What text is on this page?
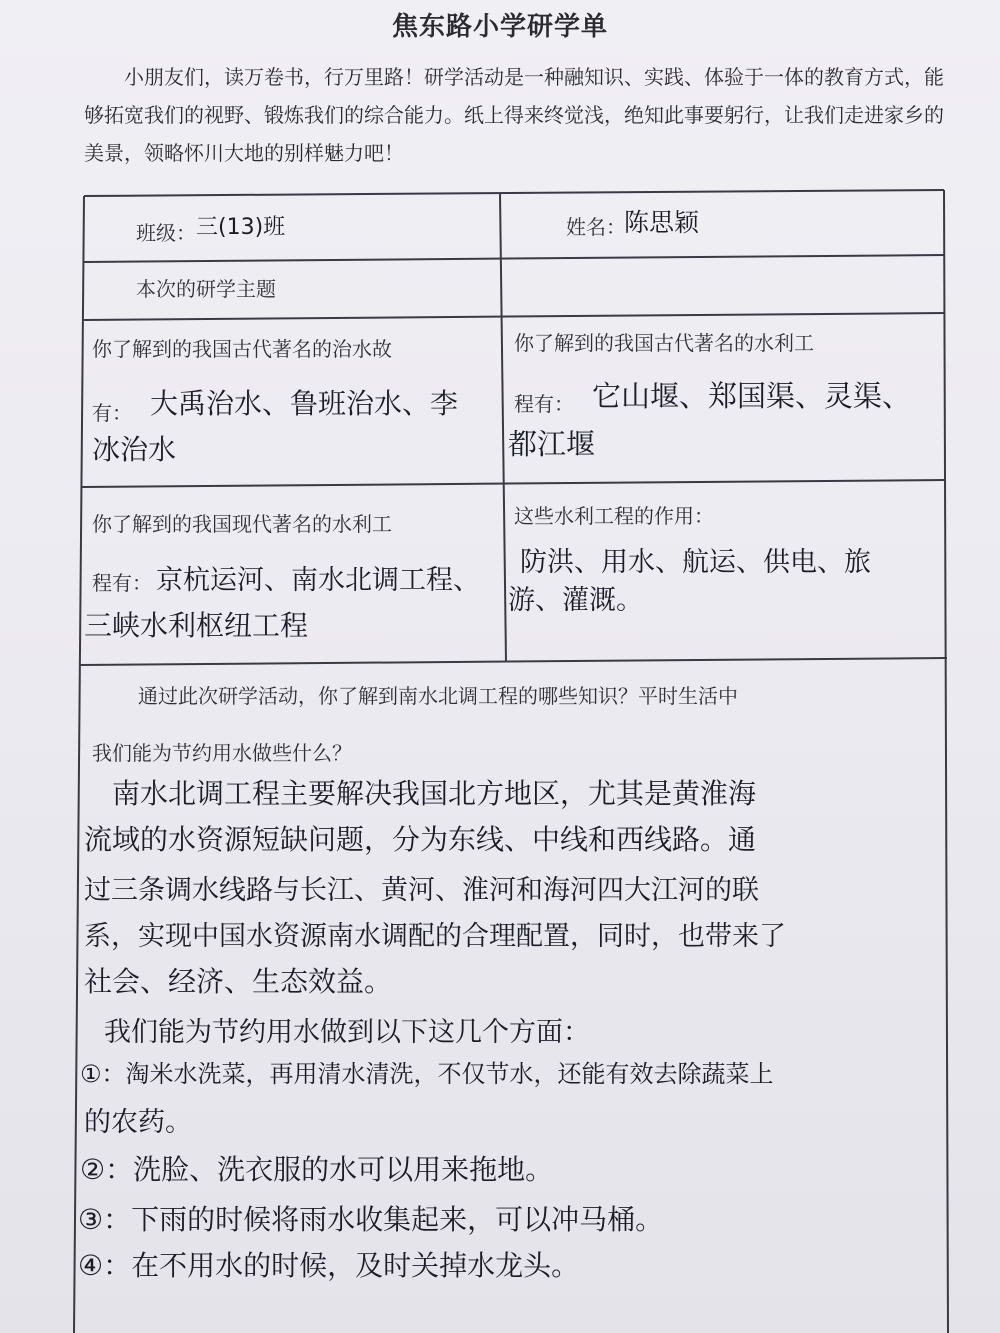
焦东路小学研学单

小朋友们，读万卷书，行万里路！研学活动是一种融知识、实践、体验于一体的教育方式，能够拓宽我们的视野、锻炼我们的综合能力。纸上得来终觉浅，绝知此事要躬行，让我们走进家乡的美景，领略怀川大地的别样魅力吧！

班级： 三(13)班	姓名：
陈思颖
本次的研学主题
你了解到的我国古代著名的治水故
有： 大禹治水、鲁班治水、李
冰治水
你了解到的我国古代著名的水利工
程有： 它山堰、郑国渠、灵渠、
都江堰
你了解到的我国现代著名的水利工
程有： 京杭运河、南水北调工程、
三峡水利枢纽工程
这些水利工程的作用：
防洪、用水、航运、供电、旅
游、灌溉。
通过此次研学活动，你了解到南水北调工程的哪些知识？平时生活中
我们能为节约用水做些什么？
南水北调工程主要解决我国北方地区，尤其是黄淮海
流域的水资源短缺问题，分为东线、中线和西线路。通
过三条调水线路与长江、黄河、淮河和海河四大江河的联
系，实现中国水资源南水调配的合理配置，同时，也带来了
社会、经济、生态效益。
我们能为节约用水做到以下这几个方面：
①：淘米水洗菜，再用清水清洗，不仅节水，还能有效去除蔬菜上
的农药。
②：洗脸、洗衣服的水可以用来拖地。
③：下雨的时候将雨水收集起来，可以冲马桶。
④：在不用水的时候，及时关掉水龙头。
